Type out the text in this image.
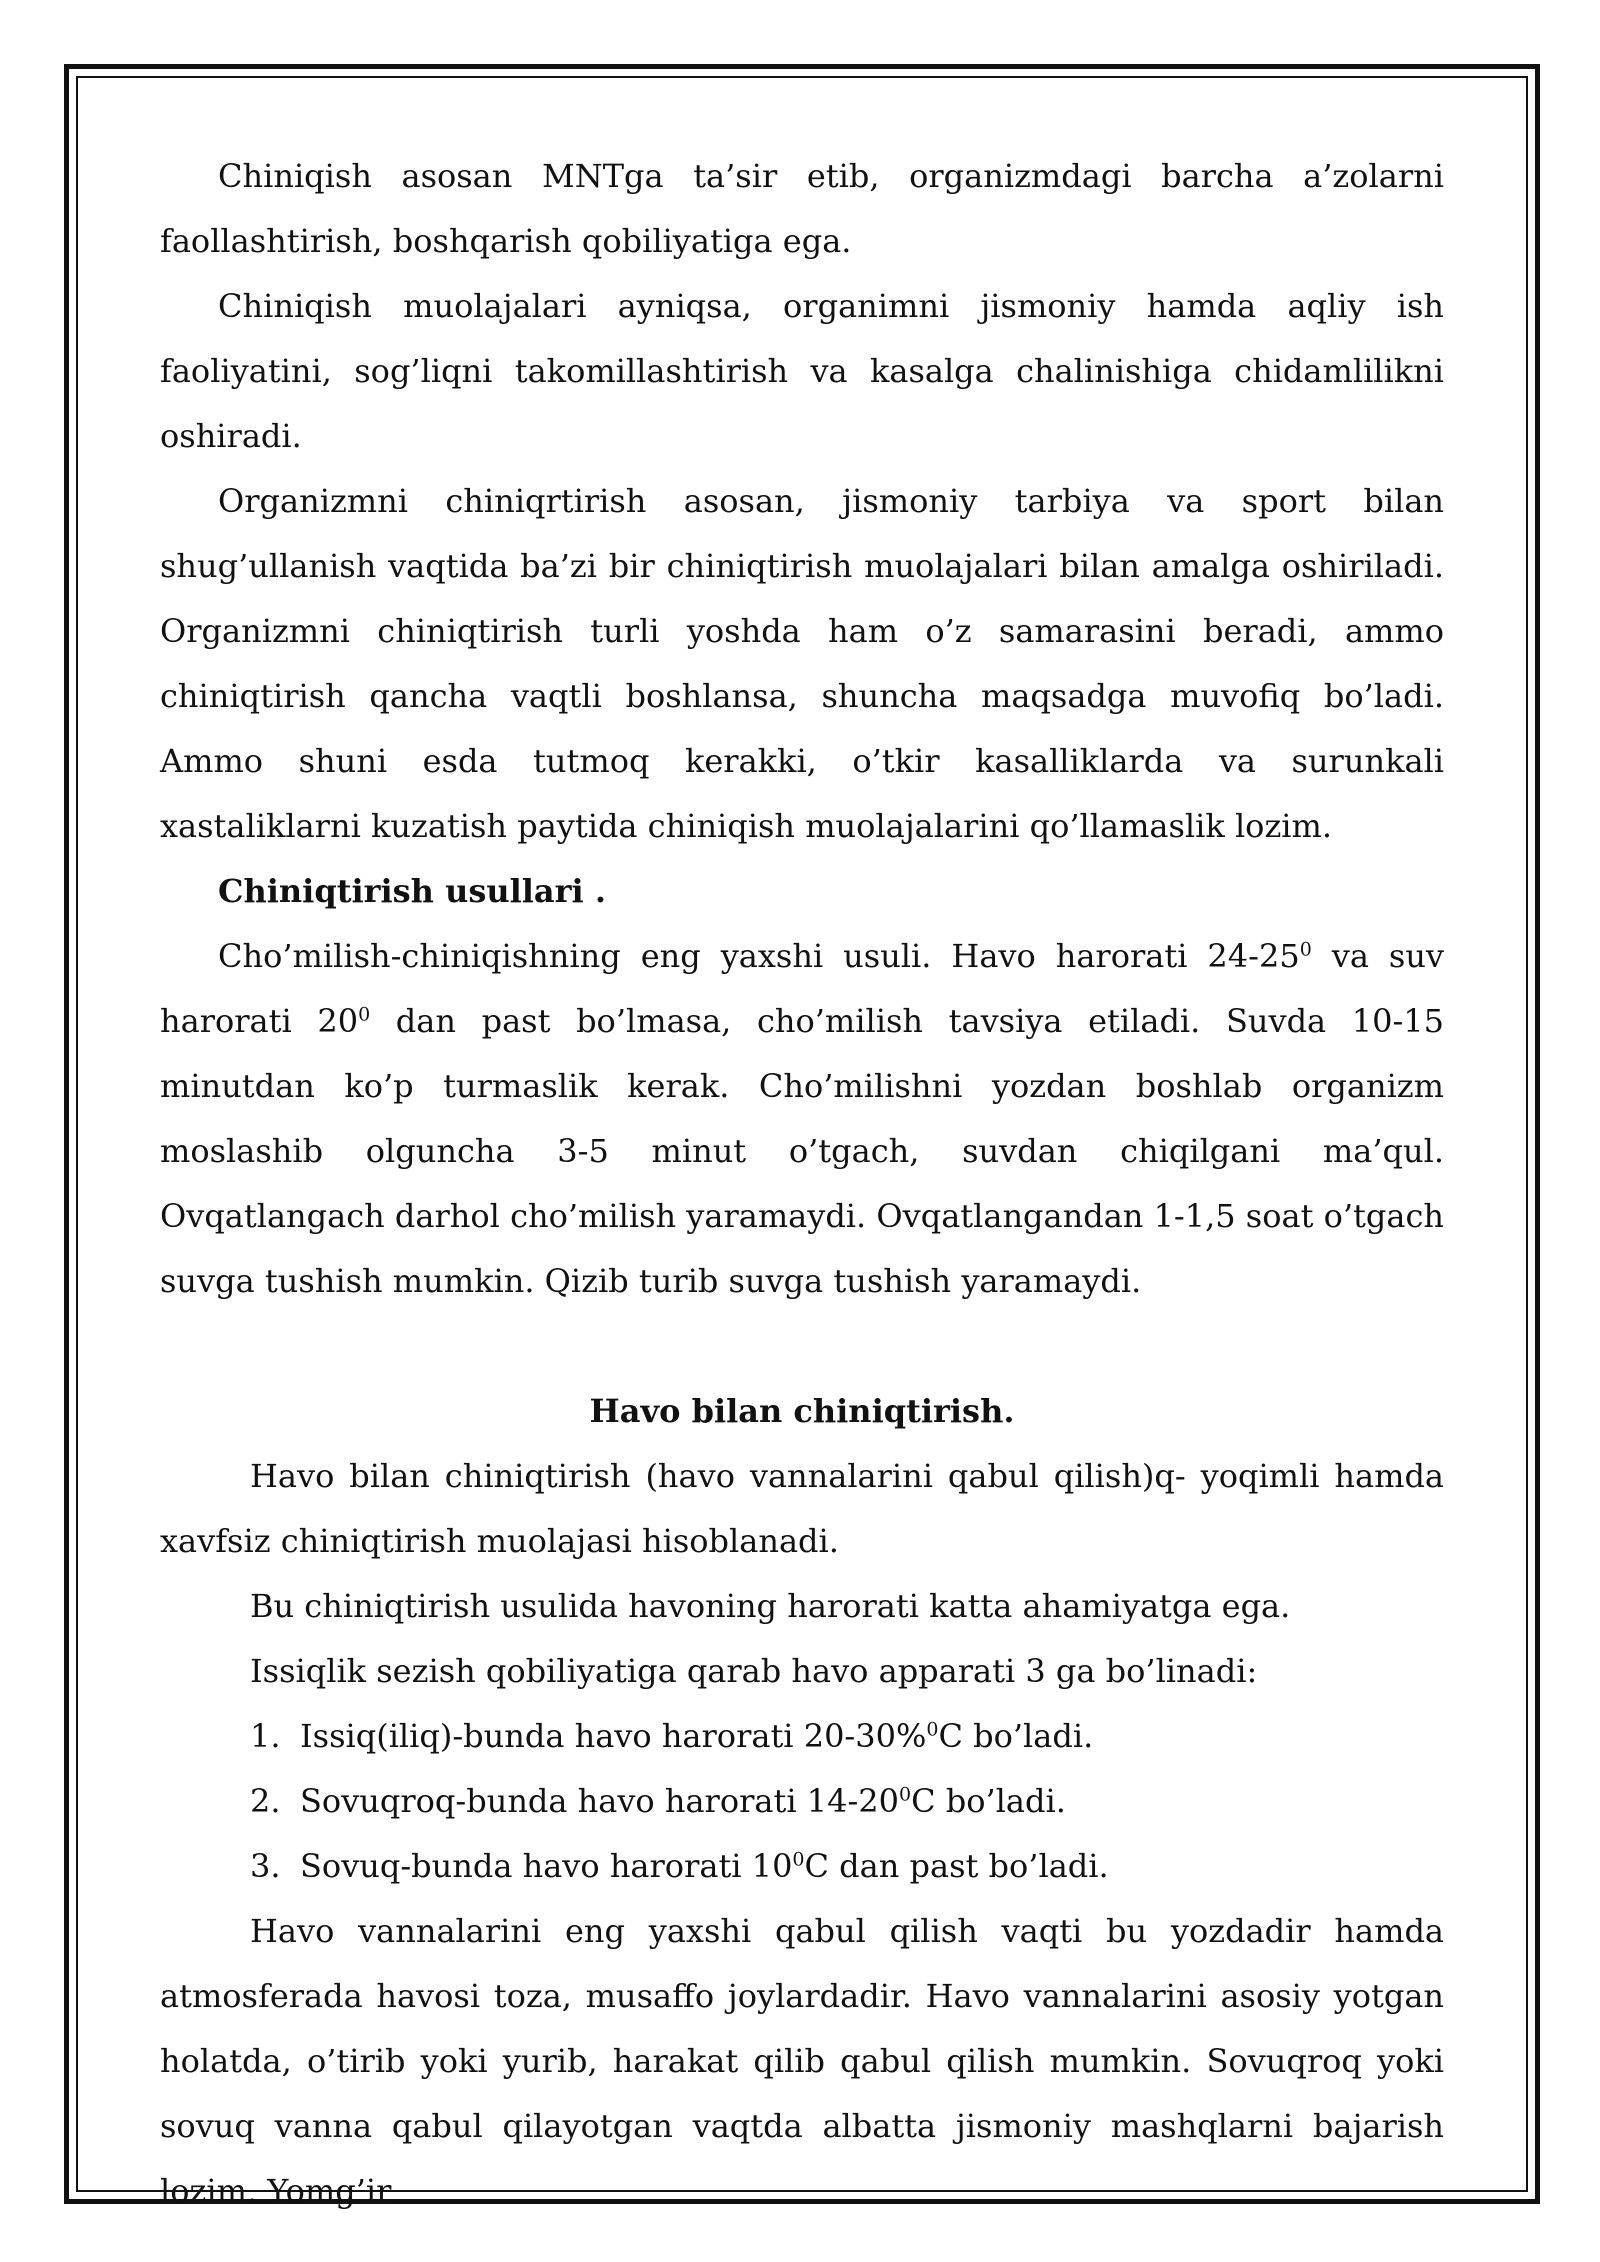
Chiniqish asosan MNTga ta’sir etib, organizmdagi barcha a’zolarni faollashtirish, boshqarish qobiliyatiga ega.

Chiniqish muolajalari ayniqsa, organimni jismoniy hamda aqliy ish faoliyatini, sog’liqni takomillashtirish va kasalga chalinishiga chidamlilikni oshiradi.

Organizmni chiniqrtirish asosan, jismoniy tarbiya va sport bilan shug’ullanish vaqtida ba’zi bir chiniqtirish muolajalari bilan amalga oshiriladi. Organizmni chiniqtirish turli yoshda ham o’z samarasini beradi, ammo chiniqtirish qancha vaqtli boshlansa, shuncha maqsadga muvofiq bo’ladi. Ammo shuni esda tutmoq kerakki, o’tkir kasalliklarda va surunkali xastaliklarni kuzatish paytida chiniqish muolajalarini qo’llamaslik lozim.

Chiniqtirish usullari .

Cho’milish-chiniqishning eng yaxshi usuli. Havo harorati $24-25^0$ va suv harorati $20^0$ dan past bo’lmasa, cho’milish tavsiya etiladi. Suvda 10-15 minutdan ko’p turmaslik kerak. Cho’milishni yozdan boshlab organizm moslashib olguncha 3-5 minut o’tgach, suvdan chiqilgani ma’qul. Ovqatlangach darhol cho’milish yaramaydi. Ovqatlangandan 1-1,5 soat o’tgach suvga tushish mumkin. Qizib turib suvga tushish yaramaydi.

Havo bilan chiniqtirish.

Havo bilan chiniqtirish (havo vannalarini qabul qilish)q- yoqimli hamda xavfsiz chiniqtirish muolajasi hisoblanadi.

Bu chiniqtirish usulida havoning harorati katta ahamiyatga ega.

Issiqlik sezish qobiliyatiga qarab havo apparati 3 ga bo’linadi:

1. Issiq(iliq)-bunda havo harorati 20-30%$^0$C bo’ladi.
2. Sovuqroq-bunda havo harorati $14-20^0C$ bo’ladi.
3. Sovuq-bunda havo harorati $10^0C$ dan past bo’ladi.

Havo vannalarini eng yaxshi qabul qilish vaqti bu yozdadir hamda atmosferada havosi toza, musaffo joylardadir. Havo vannalarini asosiy yotgan holatda, o’tirib yoki yurib, harakat qilib qabul qilish mumkin. Sovuqroq yoki sovuq vanna qabul qilayotgan vaqtda albatta jismoniy mashqlarni bajarish lozim. Yomg’ir
